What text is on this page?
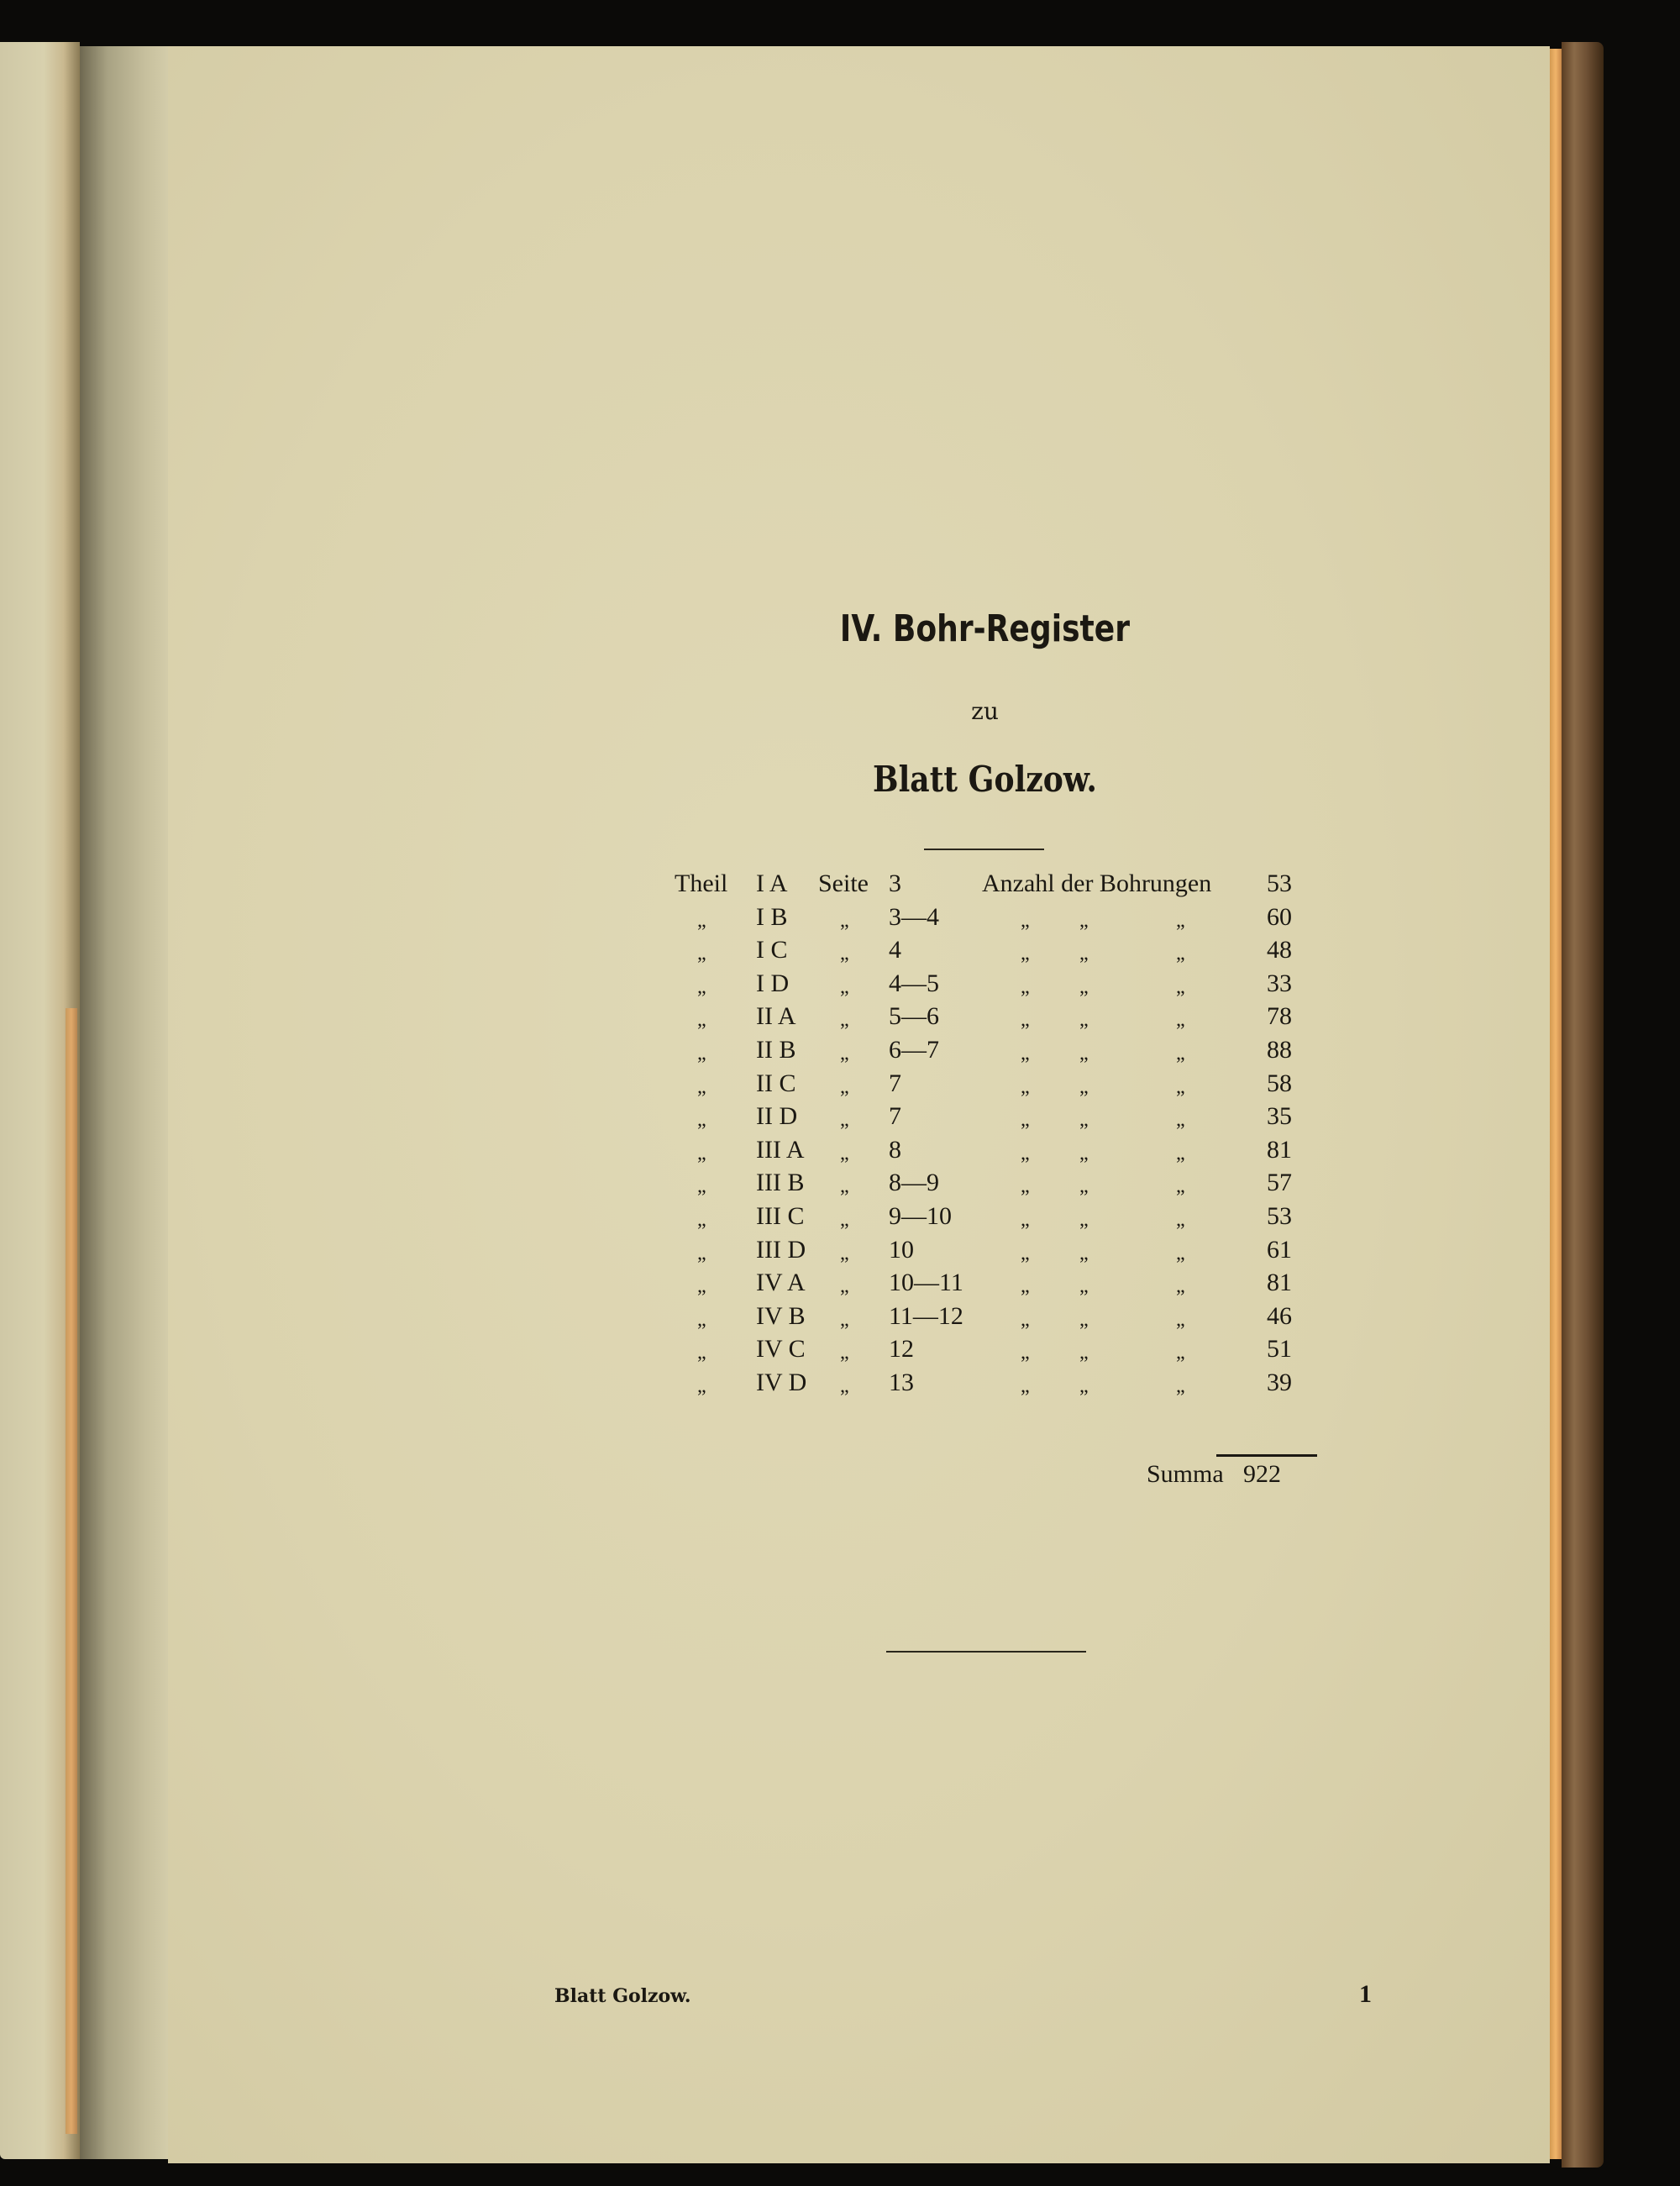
IV. Bohr-Register
zu
Blatt Golzow.
Theil I A Seite 3	Anzahl der Bohrungen 53
„ I B	„ 3—4	„ „	„	60
„ I C	„ 4	„ „	„	48
„ I D	„ 4—5	„ „	„	33
„ II A „ 5—6	„ „	„	78
„ II B „ 6—7	„ „	„	88
„ II C „ 7	„ „	„	58
„ II D „ 7	„ „	„	35
„ III A „ 8	„ „	„	81
„ III B „ 8—9	„ „	„	57
„ III C „ 9—10	„ „	„	53
„ III D „ 10	„ „	„	61
„ IV A „ 10—11	„ „	„	81
„ IV B „ 11—12	„ „	„	46
„ IV C „ 12	„ „	„	51
„ IV D „ 13	„ „	„	39
Summa 922
Blatt Golzow.	1
